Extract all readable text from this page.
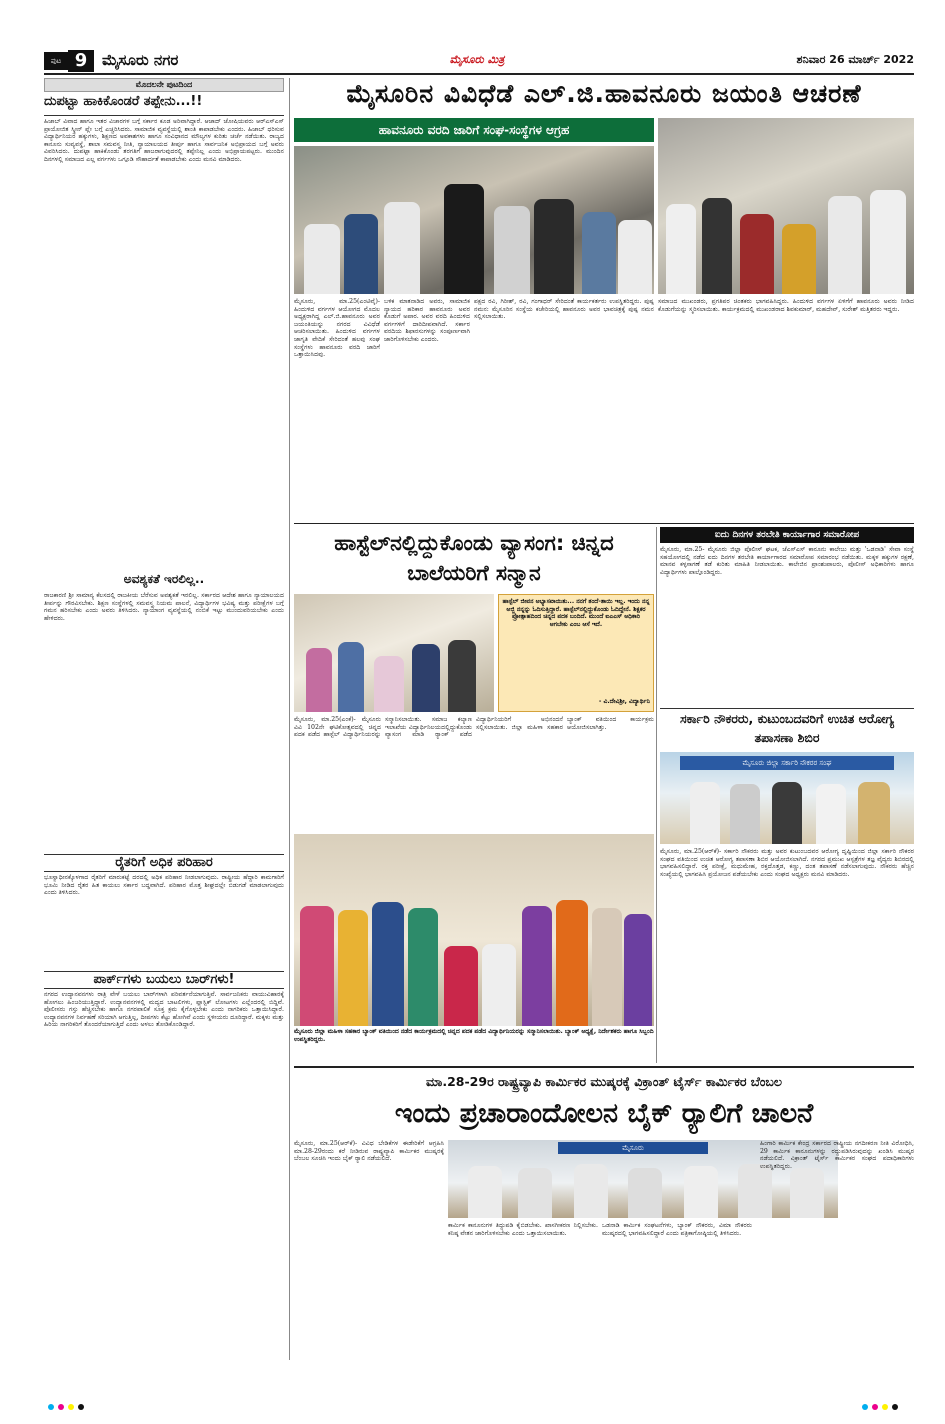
ಪುಟ 9 ಮೈಸೂರು ನಗರ	ಮೈಸೂರು ಮಿತ್ರ	ಶನಿವಾರ 26 ಮಾರ್ಚ್ 2022
ಮೊದಲನೇ ಪುಟದಿಂದ
ದುಪಟ್ಟಾ ಹಾಕಿಕೊಂಡರೆ ತಪ್ಪೇನು...!!
ಹಿಜಾಬ್ ವಿವಾದ ಹಾಗೂ ಇತರ ವಿಚಾರಗಳ ಬಗ್ಗೆ ಸರ್ಕಾರ ಕೂಡ ಅರಿವಾಗಿದ್ದಾರೆ. ಆಜಾದ್ ಜೋಷಿಯವರು ಆರ್‌ಎಸ್‌ಎಸ್ ಪ್ರಾಯೋಜಿತ ಸ್ಕ್ರೀನ್ ಪ್ಲೇ ಬಗ್ಗೆ ಎಚ್ಚರಿಸಿದರು. ಸಾಮಾಜಿಕ ವ್ಯವಸ್ಥೆಯಲ್ಲಿ ಶಾಂತಿ ಕಾಪಾಡಬೇಕು ಎಂದರು. ಹಿಜಾಬ್ ಧರಿಸುವ ವಿದ್ಯಾರ್ಥಿನಿಯರ ಹಕ್ಕುಗಳು, ಶಿಕ್ಷಣದ ಅವಕಾಶಗಳು ಹಾಗೂ ಸಂವಿಧಾನದ ಮೌಲ್ಯಗಳ ಕುರಿತು ಚರ್ಚೆ ನಡೆಯಿತು. ರಾಜ್ಯದ ಕಾನೂನು ಸುವ್ಯವಸ್ಥೆ, ಶಾಲಾ ಸಮವಸ್ತ್ರ ನೀತಿ, ನ್ಯಾಯಾಲಯದ ತೀರ್ಪು ಹಾಗೂ ಸಾರ್ವಜನಿಕ ಅಭಿಪ್ರಾಯದ ಬಗ್ಗೆ ಅವರು ವಿವರಿಸಿದರು. ದುಪಟ್ಟಾ ಹಾಕಿಕೊಂಡು ತರಗತಿಗೆ ಹಾಜರಾಗುವುದರಲ್ಲಿ ತಪ್ಪೇನಿಲ್ಲ ಎಂದು ಅಭಿಪ್ರಾಯಪಟ್ಟರು. ಮುಂದಿನ ದಿನಗಳಲ್ಲಿ ಸಮಾಜದ ಎಲ್ಲ ವರ್ಗಗಳು ಒಗ್ಗೂಡಿ ಸೌಹಾರ್ದತೆ ಕಾಪಾಡಬೇಕು ಎಂದು ಮನವಿ ಮಾಡಿದರು.
ಅವಶ್ಯಕತೆ ಇರಲಿಲ್ಲ..
ರಾಜಕಾರಣಿ ಶ್ರೀ ಸಾಮಾನ್ಯ ಕೆಲಸದಲ್ಲಿ ರಾಜಕೀಯ ಬೆರೆಸುವ ಅವಶ್ಯಕತೆ ಇರಲಿಲ್ಲ. ಸರ್ಕಾರದ ಆದೇಶ ಹಾಗೂ ನ್ಯಾಯಾಲಯದ ತೀರ್ಪನ್ನು ಗೌರವಿಸಬೇಕು. ಶಿಕ್ಷಣ ಸಂಸ್ಥೆಗಳಲ್ಲಿ ಸಮವಸ್ತ್ರ ನಿಯಮ ಪಾಲನೆ, ವಿದ್ಯಾರ್ಥಿಗಳ ಭವಿಷ್ಯ ಮತ್ತು ಪರೀಕ್ಷೆಗಳ ಬಗ್ಗೆ ಗಮನ ಹರಿಸಬೇಕು ಎಂದು ಅವರು ತಿಳಿಸಿದರು. ನ್ಯಾಯಾಂಗ ವ್ಯವಸ್ಥೆಯಲ್ಲಿ ನಂಬಿಕೆ ಇಟ್ಟು ಮುಂದುವರಿಯಬೇಕು ಎಂದು ಹೇಳಿದರು.
ರೈತರಿಗೆ ಅಧಿಕ ಪರಿಹಾರ
ಭೂಸ್ವಾಧೀನಕ್ಕೊಳಗಾದ ರೈತರಿಗೆ ಮಾರುಕಟ್ಟೆ ದರದಲ್ಲಿ ಅಧಿಕ ಪರಿಹಾರ ನೀಡಲಾಗುವುದು. ರಾಷ್ಟ್ರೀಯ ಹೆದ್ದಾರಿ ಕಾಮಗಾರಿಗೆ ಭೂಮಿ ನೀಡಿದ ರೈತರ ಹಿತ ಕಾಯಲು ಸರ್ಕಾರ ಬದ್ಧವಾಗಿದೆ. ಪರಿಹಾರ ಮೊತ್ತ ಶೀಘ್ರದಲ್ಲೇ ಬಿಡುಗಡೆ ಮಾಡಲಾಗುವುದು ಎಂದು ತಿಳಿಸಿದರು.
ಪಾರ್ಕ್‌ಗಳು ಬಯಲು ಬಾರ್‌ಗಳು!
ನಗರದ ಉದ್ಯಾನವನಗಳು ರಾತ್ರಿ ವೇಳೆ ಬಯಲು ಬಾರ್‌ಗಳಾಗಿ ಪರಿವರ್ತನೆಯಾಗುತ್ತಿವೆ. ಸಾರ್ವಜನಿಕರು ವಾಯುವಿಹಾರಕ್ಕೆ ಹೋಗಲು ಹಿಂಜರಿಯುತ್ತಿದ್ದಾರೆ. ಉದ್ಯಾನವನಗಳಲ್ಲಿ ಮದ್ಯದ ಬಾಟಲಿಗಳು, ಪ್ಲಾಸ್ಟಿಕ್ ಲೋಟಗಳು ಎಲ್ಲೆಂದರಲ್ಲಿ ಬಿದ್ದಿವೆ. ಪೊಲೀಸರು ಗಸ್ತು ಹೆಚ್ಚಿಸಬೇಕು ಹಾಗೂ ನಗರಪಾಲಿಕೆ ಸೂಕ್ತ ಕ್ರಮ ಕೈಗೊಳ್ಳಬೇಕು ಎಂದು ನಾಗರಿಕರು ಒತ್ತಾಯಿಸಿದ್ದಾರೆ. ಉದ್ಯಾನವನಗಳ ನಿರ್ವಹಣೆ ಸರಿಯಾಗಿ ಆಗುತ್ತಿಲ್ಲ, ದೀಪಗಳು ಕೆಟ್ಟು ಹೋಗಿವೆ ಎಂದು ಸ್ಥಳೀಯರು ದೂರಿದ್ದಾರೆ. ಮಕ್ಕಳು ಮತ್ತು ಹಿರಿಯ ನಾಗರಿಕರಿಗೆ ತೊಂದರೆಯಾಗುತ್ತಿದೆ ಎಂದು ಅಳಲು ತೋಡಿಕೊಂಡಿದ್ದಾರೆ.
ಮೈಸೂರಿನ ವಿವಿಧೆಡೆ ಎಲ್.ಜಿ.ಹಾವನೂರು ಜಯಂತಿ ಆಚರಣೆ
ಹಾವನೂರು ವರದಿ ಜಾರಿಗೆ ಸಂಘ-ಸಂಸ್ಥೆಗಳ ಆಗ್ರಹ
ಮೈಸೂರು, ಮಾ.25(ಎಂಟಿವೈ)- ಹಿಂದುಳಿದ ವರ್ಗಗಳ ಆಯೋಗದ ಮೊದಲ ಅಧ್ಯಕ್ಷರಾಗಿದ್ದ ಎಲ್.ಜಿ.ಹಾವನೂರು ಅವರ ಜಯಂತಿಯನ್ನು ನಗರದ ವಿವಿಧೆಡೆ ಆಚರಿಸಲಾಯಿತು. ಹಿಂದುಳಿದ ವರ್ಗಗಳ ಜಾಗೃತಿ ವೇದಿಕೆ ಸೇರಿದಂತೆ ಹಲವು ಸಂಘ ಸಂಸ್ಥೆಗಳು ಹಾವನೂರು ವರದಿ ಜಾರಿಗೆ ಒತ್ತಾಯಿಸಿದವು.
ಬಳಿಕ ಮಾತನಾಡಿದ ಅವರು, ಸಾಮಾಜಿಕ ನ್ಯಾಯದ ಹರಿಕಾರ ಹಾವನೂರು ಅವರ ಕೊಡುಗೆ ಅಪಾರ. ಅವರ ವರದಿ ಹಿಂದುಳಿದ ವರ್ಗಗಳಿಗೆ ದಾರಿದೀಪವಾಗಿದೆ. ಸರ್ಕಾರ ವರದಿಯ ಶಿಫಾರಸುಗಳನ್ನು ಸಂಪೂರ್ಣವಾಗಿ ಜಾರಿಗೊಳಿಸಬೇಕು ಎಂದರು.
ಪಕ್ಷದ ರವಿ, ಗಿರೀಶ್, ರವಿ, ಗಂಗಾಧರ್ ಸೇರಿದಂತೆ ಕಾರ್ಯಕರ್ತರು ಉಪಸ್ಥಿತರಿದ್ದರು. ಪುಷ್ಪ ನಮನ: ಮೈಸೂರಿನ ಸಂಸ್ಥೆಯ ಕಚೇರಿಯಲ್ಲಿ ಹಾವನೂರು ಅವರ ಭಾವಚಿತ್ರಕ್ಕೆ ಪುಷ್ಪ ನಮನ ಸಲ್ಲಿಸಲಾಯಿತು.
ಸಮಾಜದ ಮುಖಂಡರು, ಪ್ರಗತಿಪರ ಚಿಂತಕರು ಭಾಗವಹಿಸಿದ್ದರು. ಹಿಂದುಳಿದ ವರ್ಗಗಳ ಏಳಿಗೆಗೆ ಹಾವನೂರು ಅವರು ನೀಡಿದ ಕೊಡುಗೆಯನ್ನು ಸ್ಮರಿಸಲಾಯಿತು. ಕಾರ್ಯಕ್ರಮದಲ್ಲಿ ಮುಖಂಡರಾದ ಶಿವಕುಮಾರ್, ಮಹದೇವ್, ಸುರೇಶ್ ಮತ್ತಿತರರು ಇದ್ದರು.
ಹಾಸ್ಟೆಲ್‌ನಲ್ಲಿದ್ದುಕೊಂಡು ವ್ಯಾಸಂಗ: ಚಿನ್ನದ ಬಾಲೆಯರಿಗೆ ಸನ್ಮಾನ
ಹಾಸ್ಟೆಲ್ ಜೀವನ ಅಭ್ಯಾಸವಾಯಿತು... ನನಗೆ ತಂದೆ-ತಾಯಿ ಇಲ್ಲ. ಇಂದು ನನ್ನ ಅಜ್ಜಿ ನನ್ನನ್ನು ಓದಿಸುತ್ತಿದ್ದಾರೆ. ಹಾಸ್ಟೆಲ್‌ನಲ್ಲಿದ್ದುಕೊಂಡು ಓದಿದ್ದೇನೆ. ಶಿಕ್ಷಕರ ಪ್ರೋತ್ಸಾಹದಿಂದ ಚಿನ್ನದ ಪದಕ ಬಂದಿದೆ. ಮುಂದೆ ಐಎಎಸ್ ಅಧಿಕಾರಿ ಆಗಬೇಕು ಎಂಬ ಆಸೆ ಇದೆ.
- ವಿ.ದೇವಿಶ್ರೀ, ವಿದ್ಯಾರ್ಥಿನಿ
ಮೈಸೂರು, ಮಾ.25(ಎಂಕೆ)- ಮೈಸೂರು ವಿವಿ 102ನೇ ಘಟಿಕೋತ್ಸವದಲ್ಲಿ ಚಿನ್ನದ ಪದಕ ಪಡೆದ ಹಾಸ್ಟೆಲ್ ವಿದ್ಯಾರ್ಥಿನಿಯರನ್ನು ಸನ್ಮಾನಿಸಲಾಯಿತು. ಸಮಾಜ ಕಲ್ಯಾಣ ಇಲಾಖೆಯ ವಿದ್ಯಾರ್ಥಿನಿಲಯದಲ್ಲಿದ್ದುಕೊಂಡು ವ್ಯಾಸಂಗ ಮಾಡಿ ರ‍್ಯಾಂಕ್ ಪಡೆದ ವಿದ್ಯಾರ್ಥಿನಿಯರಿಗೆ ಅಭಿನಂದನೆ ಸಲ್ಲಿಸಲಾಯಿತು. ಜಿಲ್ಲಾ ಮಹಿಳಾ ಸಹಕಾರ ಬ್ಯಾಂಕ್ ವತಿಯಿಂದ ಕಾರ್ಯಕ್ರಮ ಆಯೋಜಿಸಲಾಗಿತ್ತು.
ಮೈಸೂರು ಜಿಲ್ಲಾ ಮಹಿಳಾ ಸಹಕಾರ ಬ್ಯಾಂಕ್ ವತಿಯಿಂದ ನಡೆದ ಕಾರ್ಯಕ್ರಮದಲ್ಲಿ ಚಿನ್ನದ ಪದಕ ಪಡೆದ ವಿದ್ಯಾರ್ಥಿನಿಯರನ್ನು ಸನ್ಮಾನಿಸಲಾಯಿತು. ಬ್ಯಾಂಕ್ ಅಧ್ಯಕ್ಷೆ, ನಿರ್ದೇಶಕರು ಹಾಗೂ ಸಿಬ್ಬಂದಿ ಉಪಸ್ಥಿತರಿದ್ದರು.
ಐದು ದಿನಗಳ ತರಬೇತಿ ಕಾರ್ಯಾಗಾರ ಸಮಾರೋಪ
ಮೈಸೂರು, ಮಾ.25- ಮೈಸೂರು ಜಿಲ್ಲಾ ಪೊಲೀಸ್ ಘಟಕ, ಜೆಎಸ್‌ಎಸ್ ಕಾನೂನು ಕಾಲೇಜು ಮತ್ತು 'ಒಡನಾಡಿ' ಸೇವಾ ಸಂಸ್ಥೆ ಸಹಯೋಗದಲ್ಲಿ ನಡೆದ ಐದು ದಿನಗಳ ತರಬೇತಿ ಕಾರ್ಯಾಗಾರದ ಸಮಾರೋಪ ಸಮಾರಂಭ ನಡೆಯಿತು. ಮಕ್ಕಳ ಹಕ್ಕುಗಳ ರಕ್ಷಣೆ, ಮಾನವ ಕಳ್ಳಸಾಗಣೆ ತಡೆ ಕುರಿತು ಮಾಹಿತಿ ನೀಡಲಾಯಿತು. ಕಾಲೇಜಿನ ಪ್ರಾಂಶುಪಾಲರು, ಪೊಲೀಸ್ ಅಧಿಕಾರಿಗಳು ಹಾಗೂ ವಿದ್ಯಾರ್ಥಿಗಳು ಪಾಲ್ಗೊಂಡಿದ್ದರು.
ಸರ್ಕಾರಿ ನೌಕರರು, ಕುಟುಂಬದವರಿಗೆ ಉಚಿತ ಆರೋಗ್ಯ ತಪಾಸಣಾ ಶಿಬಿರ
ಮೈಸೂರು ಜಿಲ್ಲಾ ಸರ್ಕಾರಿ ನೌಕರರ ಸಂಘ
ಮೈಸೂರು, ಮಾ.25(ಆರ್‌ಕೆ)- ಸರ್ಕಾರಿ ನೌಕರರು ಮತ್ತು ಅವರ ಕುಟುಂಬದವರ ಆರೋಗ್ಯ ದೃಷ್ಟಿಯಿಂದ ಜಿಲ್ಲಾ ಸರ್ಕಾರಿ ನೌಕರರ ಸಂಘದ ವತಿಯಿಂದ ಉಚಿತ ಆರೋಗ್ಯ ತಪಾಸಣಾ ಶಿಬಿರ ಆಯೋಜಿಸಲಾಗಿದೆ. ನಗರದ ಪ್ರಮುಖ ಆಸ್ಪತ್ರೆಗಳ ತಜ್ಞ ವೈದ್ಯರು ಶಿಬಿರದಲ್ಲಿ ಭಾಗವಹಿಸಲಿದ್ದಾರೆ. ರಕ್ತ ಪರೀಕ್ಷೆ, ಮಧುಮೇಹ, ರಕ್ತದೊತ್ತಡ, ಕಣ್ಣು, ದಂತ ತಪಾಸಣೆ ನಡೆಸಲಾಗುವುದು. ನೌಕರರು ಹೆಚ್ಚಿನ ಸಂಖ್ಯೆಯಲ್ಲಿ ಭಾಗವಹಿಸಿ ಪ್ರಯೋಜನ ಪಡೆಯಬೇಕು ಎಂದು ಸಂಘದ ಅಧ್ಯಕ್ಷರು ಮನವಿ ಮಾಡಿದರು.
ಮಾ.28-29ರ ರಾಷ್ಟ್ರವ್ಯಾಪಿ ಕಾರ್ಮಿಕರ ಮುಷ್ಕರಕ್ಕೆ ವಿಕ್ರಾಂತ್ ಟೈರ್ಸ್ ಕಾರ್ಮಿಕರ ಬೆಂಬಲ
ಇಂದು ಪ್ರಚಾರಾಂದೋಲನ ಬೈಕ್ ರ‍್ಯಾಲಿಗೆ ಚಾಲನೆ
ಮೈಸೂರು, ಮಾ.25(ಆರ್‌ಕೆ)- ವಿವಿಧ ಬೇಡಿಕೆಗಳ ಈಡೇರಿಕೆಗೆ ಆಗ್ರಹಿಸಿ ಮಾ.28-29ರಂದು ಕರೆ ನೀಡಿರುವ ರಾಷ್ಟ್ರವ್ಯಾಪಿ ಕಾರ್ಮಿಕರ ಮುಷ್ಕರಕ್ಕೆ ಬೆಂಬಲ ಸೂಚಿಸಿ ಇಂದು ಬೈಕ್ ರ‍್ಯಾಲಿ ನಡೆಯಲಿದೆ.
ಮೈಸೂರು
ಕಾರ್ಮಿಕ ಕಾನೂನುಗಳ ತಿದ್ದುಪಡಿ ಕೈಬಿಡಬೇಕು. ಖಾಸಗೀಕರಣ ನಿಲ್ಲಿಸಬೇಕು. ಕನಿಷ್ಠ ವೇತನ ಜಾರಿಗೊಳಿಸಬೇಕು ಎಂದು ಒತ್ತಾಯಿಸಲಾಯಿತು.
ಒಡನಾಡಿ ಕಾರ್ಮಿಕ ಸಂಘಟನೆಗಳು, ಬ್ಯಾಂಕ್ ನೌಕರರು, ವಿಮಾ ನೌಕರರು ಮುಷ್ಕರದಲ್ಲಿ ಭಾಗವಹಿಸಲಿದ್ದಾರೆ ಎಂದು ಪತ್ರಿಕಾಗೋಷ್ಠಿಯಲ್ಲಿ ತಿಳಿಸಿದರು.
ಹಿಂಗಾರಿ ಕಾರ್ಮಿಕ ಕೇಂದ್ರ ಸರ್ಕಾರದ ರಾಷ್ಟ್ರೀಯ ನಗದೀಕರಣ ನೀತಿ ವಿರೋಧಿಸಿ, 29 ಕಾರ್ಮಿಕ ಕಾನೂನುಗಳನ್ನು ರದ್ದುಪಡಿಸಿರುವುದನ್ನು ಖಂಡಿಸಿ ಮುಷ್ಕರ ನಡೆಯಲಿದೆ. ವಿಕ್ರಾಂತ್ ಟೈರ್ಸ್ ಕಾರ್ಮಿಕರ ಸಂಘದ ಪದಾಧಿಕಾರಿಗಳು ಉಪಸ್ಥಿತರಿದ್ದರು.
